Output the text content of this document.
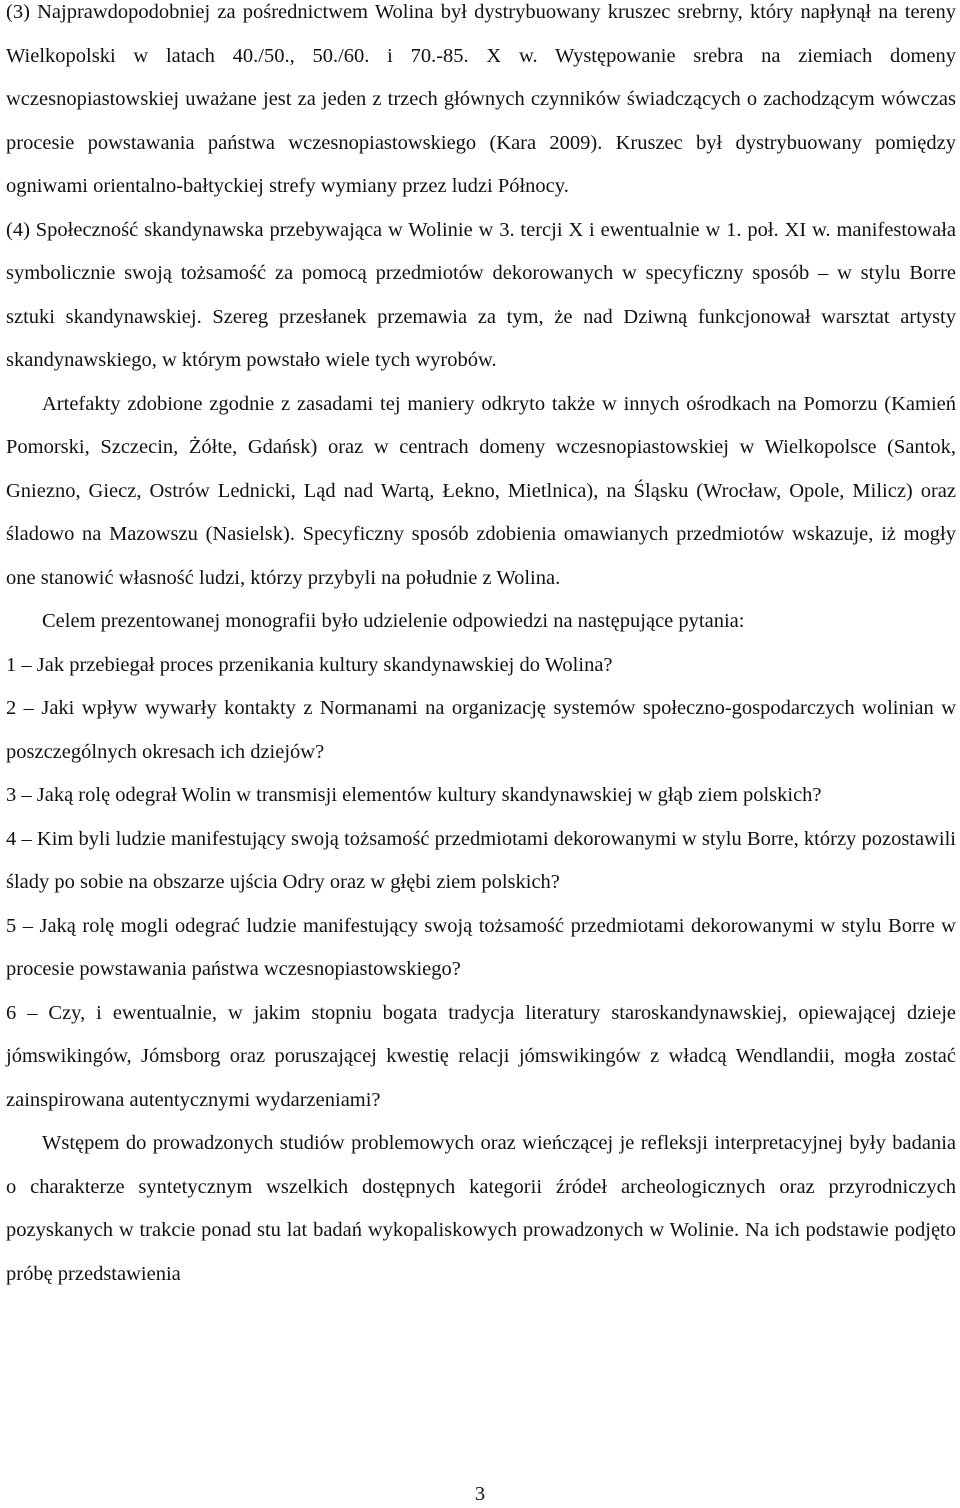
(3) Najprawdopodobniej za pośrednictwem Wolina był dystrybuowany kruszec srebrny, który napłynął na tereny Wielkopolski w latach 40./50., 50./60. i 70.-85. X w. Występowanie srebra na ziemiach domeny wczesnopiastowskiej uważane jest za jeden z trzech głównych czynników świadczących o zachodzącym wówczas procesie powstawania państwa wczesnopiastowskiego (Kara 2009). Kruszec był dystrybuowany pomiędzy ogniwami orientalno-bałtyckiej strefy wymiany przez ludzi Północy.

(4) Społeczność skandynawska przebywająca w Wolinie w 3. tercji X i ewentualnie w 1. poł. XI w. manifestowała symbolicznie swoją tożsamość za pomocą przedmiotów dekorowanych w specyficzny sposób – w stylu Borre sztuki skandynawskiej. Szereg przesłanek przemawia za tym, że nad Dziwną funkcjonował warsztat artysty skandynawskiego, w którym powstało wiele tych wyrobów.

Artefakty zdobione zgodnie z zasadami tej maniery odkryto także w innych ośrodkach na Pomorzu (Kamień Pomorski, Szczecin, Żółte, Gdańsk) oraz w centrach domeny wczesnopiastowskiej w Wielkopolsce (Santok, Gniezno, Giecz, Ostrów Lednicki, Ląd nad Wartą, Łekno, Mietlnica), na Śląsku (Wrocław, Opole, Milicz) oraz śladowo na Mazowszu (Nasielsk). Specyficzny sposób zdobienia omawianych przedmiotów wskazuje, iż mogły one stanowić własność ludzi, którzy przybyli na południe z Wolina.

Celem prezentowanej monografii było udzielenie odpowiedzi na następujące pytania:

1 – Jak przebiegał proces przenikania kultury skandynawskiej do Wolina?

2 – Jaki wpływ wywarły kontakty z Normanami na organizację systemów społeczno-gospodarczych wolinian w poszczególnych okresach ich dziejów?

3 – Jaką rolę odegrał Wolin w transmisji elementów kultury skandynawskiej w głąb ziem polskich?

4 – Kim byli ludzie manifestujący swoją tożsamość przedmiotami dekorowanymi w stylu Borre, którzy pozostawili ślady po sobie na obszarze ujścia Odry oraz w głębi ziem polskich?

5 – Jaką rolę mogli odegrać ludzie manifestujący swoją tożsamość przedmiotami dekorowanymi w stylu Borre w procesie powstawania państwa wczesnopiastowskiego?

6 – Czy, i ewentualnie, w jakim stopniu bogata tradycja literatury staroskandynawskiej, opiewającej dzieje jómswikingów, Jómsborg oraz poruszającej kwestię relacji jómswikingów z władcą Wendlandii, mogła zostać zainspirowana autentycznymi wydarzeniami?

Wstępem do prowadzonych studiów problemowych oraz wieńczącej je refleksji interpretacyjnej były badania o charakterze syntetycznym wszelkich dostępnych kategorii źródeł archeologicznych oraz przyrodniczych pozyskanych w trakcie ponad stu lat badań wykopaliskowych prowadzonych w Wolinie. Na ich podstawie podjęto próbę przedstawienia

3
